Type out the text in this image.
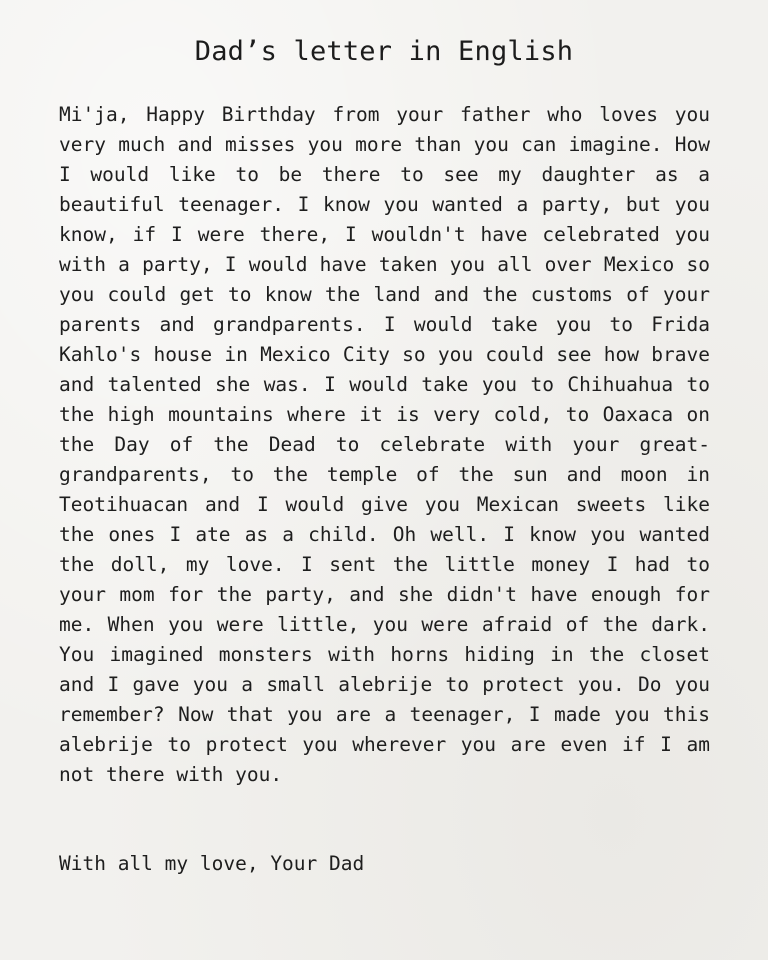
Dad’s letter in English

Mi'ja, Happy Birthday from your father who loves you very much and misses you more than you can imagine. How I would like to be there to see my daughter as a beautiful teenager. I know you wanted a party, but you know, if I were there, I wouldn't have celebrated you with a party, I would have taken you all over Mexico so you could get to know the land and the customs of your parents and grandparents. I would take you to Frida Kahlo's house in Mexico City so you could see how brave and talented she was. I would take you to Chihuahua to the high mountains where it is very cold, to Oaxaca on the Day of the Dead to celebrate with your great-grandparents, to the temple of the sun and moon in Teotihuacan and I would give you Mexican sweets like the ones I ate as a child. Oh well. I know you wanted the doll, my love. I sent the little money I had to your mom for the party, and she didn't have enough for me. When you were little, you were afraid of the dark. You imagined monsters with horns hiding in the closet and I gave you a small alebrije to protect you. Do you remember? Now that you are a teenager, I made you this alebrije to protect you wherever you are even if I am not there with you.

With all my love, Your Dad
